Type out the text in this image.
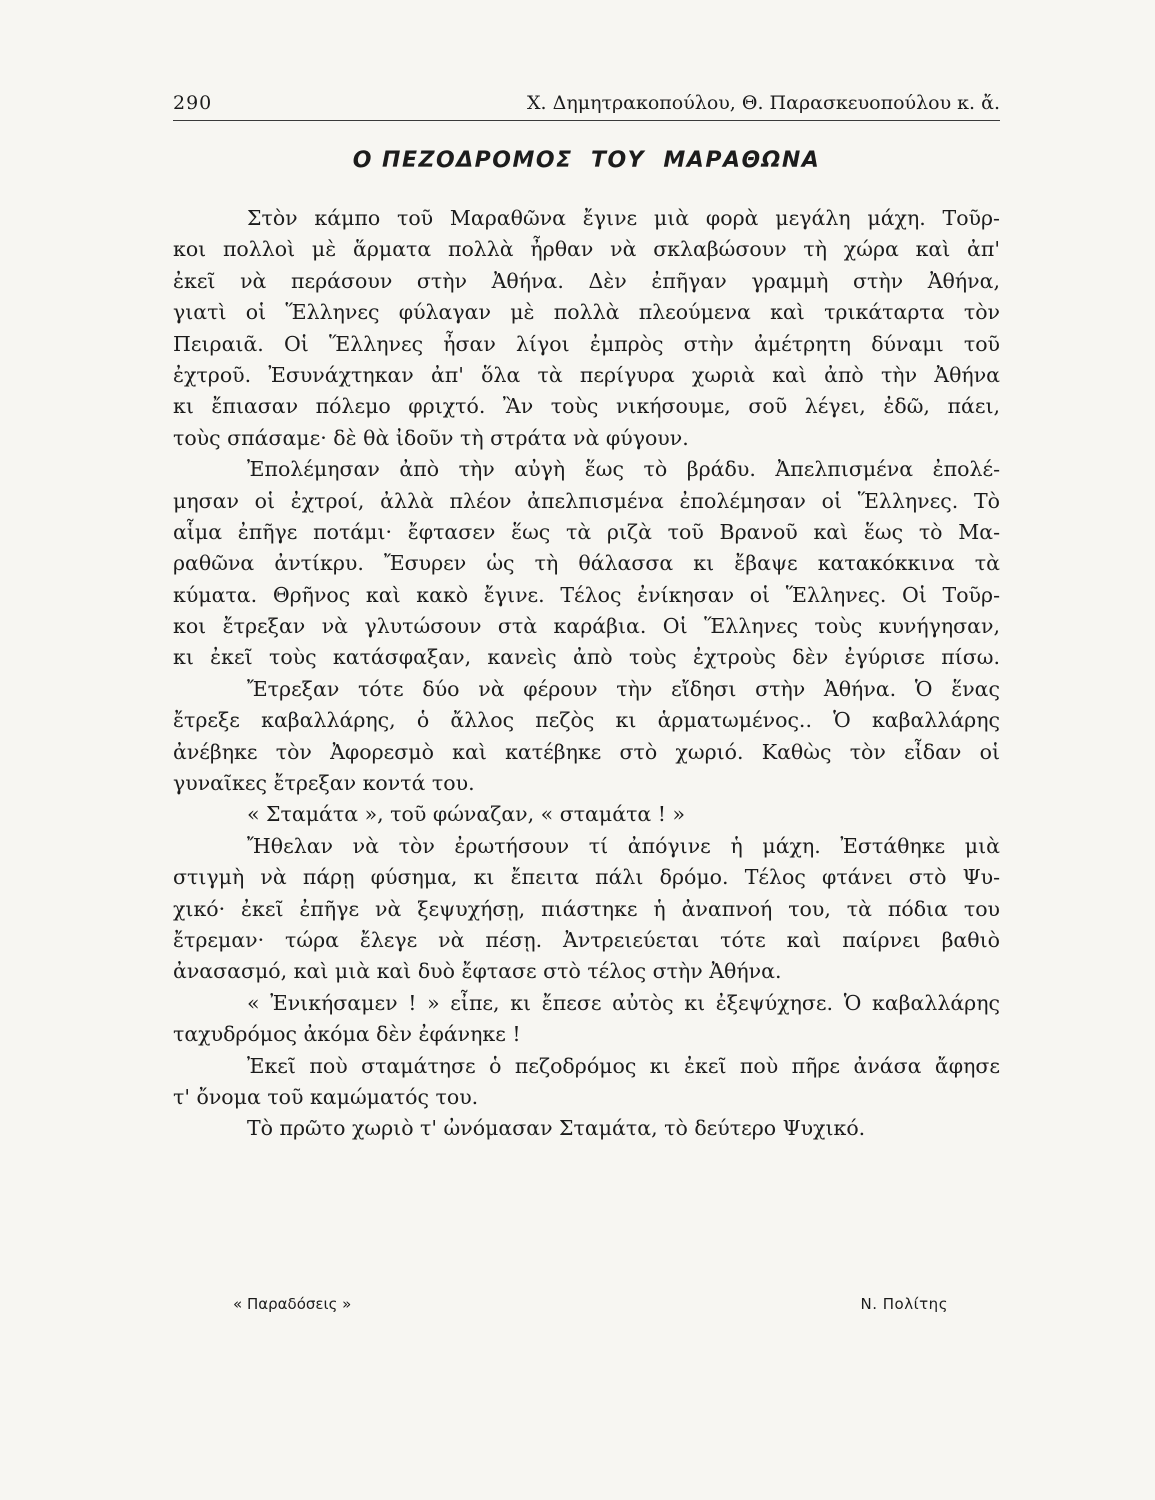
290	Χ. Δημητρακοπούλου, Θ. Παρασκευοπούλου κ. ἄ.
Ο ΠΕΖΟΔΡΟΜΟΣ  ΤΟΥ  ΜΑΡΑΘΩΝΑ
Στὸν κάμπο τοῦ Μαραθῶνα ἔγινε μιὰ φορὰ μεγάλη μάχη. Τοῦρ-
κοι πολλοὶ μὲ ἅρματα πολλὰ ἦρθαν νὰ σκλαβώσουν τὴ χώρα καὶ ἀπ'
ἐκεῖ νὰ περάσουν στὴν Ἀθήνα. Δὲν ἐπῆγαν γραμμὴ στὴν Ἀθήνα,
γιατὶ οἱ Ἕλληνες φύλαγαν μὲ πολλὰ πλεούμενα καὶ τρικάταρτα τὸν
Πειραιᾶ. Οἱ Ἕλληνες ἦσαν λίγοι ἐμπρὸς στὴν ἀμέτρητη δύναμι τοῦ
ἐχτροῦ. Ἐσυνάχτηκαν ἀπ' ὅλα τὰ περίγυρα χωριὰ καὶ ἀπὸ τὴν Ἀθήνα
κι ἔπιασαν πόλεμο φριχτό. Ἂν τοὺς νικήσουμε, σοῦ λέγει, ἐδῶ, πάει,
τοὺς σπάσαμε· δὲ θὰ ἰδοῦν τὴ στράτα νὰ φύγουν.
Ἐπολέμησαν ἀπὸ τὴν αὐγὴ ἕως τὸ βράδυ. Ἀπελπισμένα ἐπολέ-
μησαν οἱ ἐχτροί, ἀλλὰ πλέον ἀπελπισμένα ἐπολέμησαν οἱ Ἕλληνες. Τὸ
αἷμα ἐπῆγε ποτάμι· ἔφτασεν ἕως τὰ ριζὰ τοῦ Βρανοῦ καὶ ἕως τὸ Μα-
ραθῶνα ἀντίκρυ. Ἔσυρεν ὡς τὴ θάλασσα κι ἔβαψε κατακόκκινα τὰ
κύματα. Θρῆνος καὶ κακὸ ἔγινε. Τέλος ἐνίκησαν οἱ Ἕλληνες. Οἱ Τοῦρ-
κοι ἔτρεξαν νὰ γλυτώσουν στὰ καράβια. Οἱ Ἕλληνες τοὺς κυνήγησαν,
κι ἐκεῖ τοὺς κατάσφαξαν, κανεὶς ἀπὸ τοὺς ἐχτροὺς δὲν ἐγύρισε πίσω.
Ἔτρεξαν τότε δύο νὰ φέρουν τὴν εἴδησι στὴν Ἀθήνα. Ὁ ἕνας
ἔτρεξε καβαλλάρης, ὁ ἄλλος πεζὸς κι ἁρματωμένος.. Ὁ καβαλλάρης
ἀνέβηκε τὸν Ἀφορεσμὸ καὶ κατέβηκε στὸ χωριό. Καθὼς τὸν εἶδαν οἱ
γυναῖκες ἔτρεξαν κοντά του.
« Σταμάτα », τοῦ φώναζαν, « σταμάτα ! »
Ἤθελαν νὰ τὸν ἐρωτήσουν τί ἀπόγινε ἡ μάχη. Ἐστάθηκε μιὰ
στιγμὴ νὰ πάρῃ φύσημα, κι ἔπειτα πάλι δρόμο. Τέλος φτάνει στὸ Ψυ-
χικό· ἐκεῖ ἐπῆγε νὰ ξεψυχήσῃ, πιάστηκε ἡ ἀναπνοή του, τὰ πόδια του
ἔτρεμαν· τώρα ἔλεγε νὰ πέσῃ. Ἀντρειεύεται τότε καὶ παίρνει βαθιὸ
ἀνασασμό, καὶ μιὰ καὶ δυὸ ἔφτασε στὸ τέλος στὴν Ἀθήνα.
« Ἐνικήσαμεν ! » εἶπε, κι ἔπεσε αὐτὸς κι ἐξεψύχησε. Ὁ καβαλλάρης
ταχυδρόμος ἀκόμα δὲν ἐφάνηκε !
Ἐκεῖ ποὺ σταμάτησε ὁ πεζοδρόμος κι ἐκεῖ ποὺ πῆρε ἀνάσα ἄφησε
τ' ὄνομα τοῦ καμώματός του.
Τὸ πρῶτο χωριὸ τ' ὠνόμασαν Σταμάτα, τὸ δεύτερο Ψυχικό.
« Παραδόσεις »	Ν. Πολίτης
